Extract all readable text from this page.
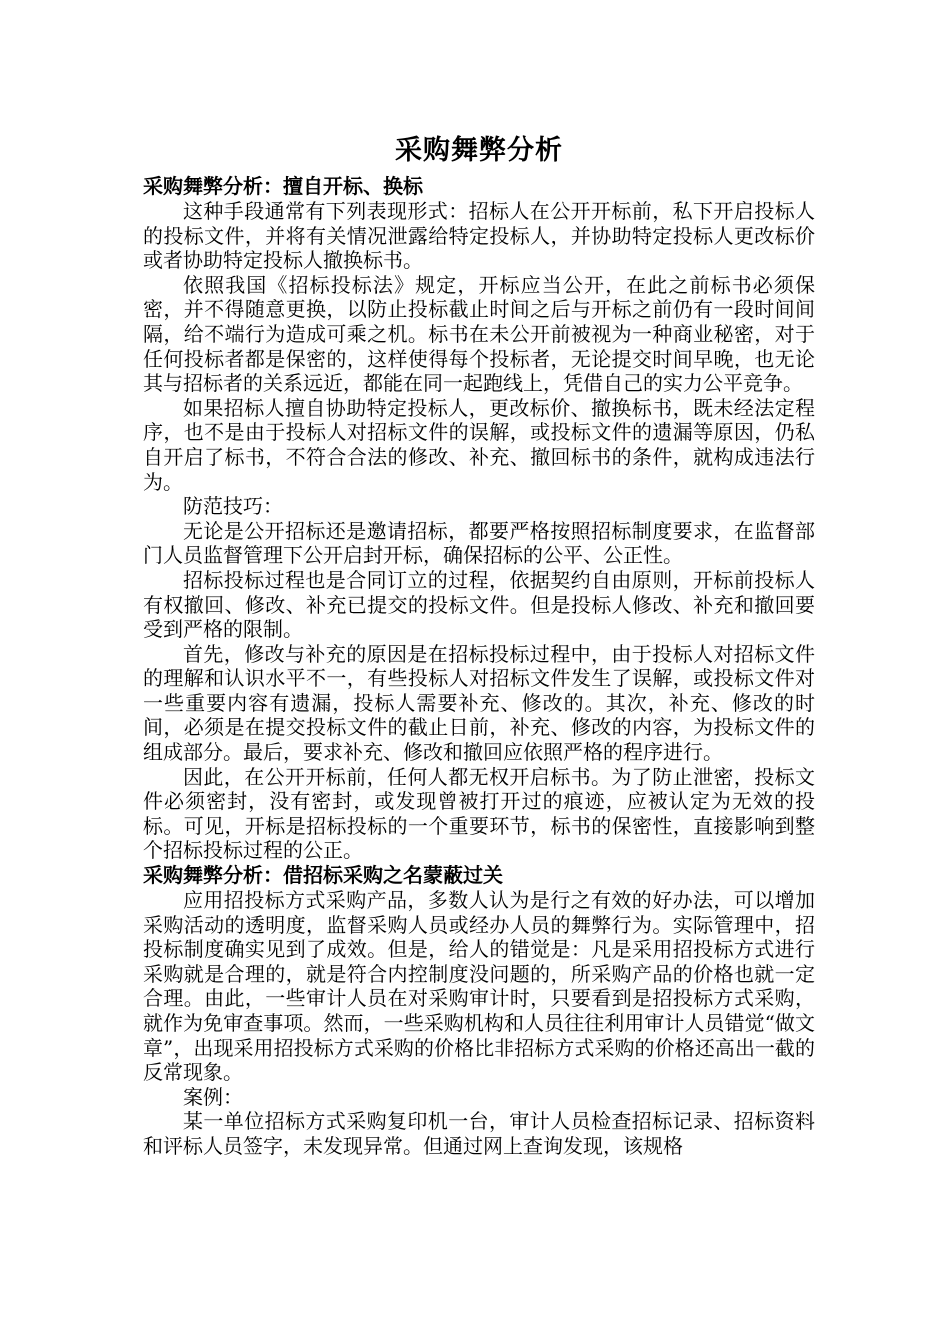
采购舞弊分析
采购舞弊分析：擅自开标、换标

这种手段通常有下列表现形式：招标人在公开开标前，私下开启投标人的投标文件，并将有关情况泄露给特定投标人，并协助特定投标人更改标价或者协助特定投标人撤换标书。

依照我国《招标投标法》规定，开标应当公开，在此之前标书必须保密，并不得随意更换，以防止投标截止时间之后与开标之前仍有一段时间间隔，给不端行为造成可乘之机。标书在未公开前被视为一种商业秘密，对于任何投标者都是保密的，这样使得每个投标者，无论提交时间早晚，也无论其与招标者的关系远近，都能在同一起跑线上，凭借自己的实力公平竞争。

如果招标人擅自协助特定投标人，更改标价、撤换标书，既未经法定程序，也不是由于投标人对招标文件的误解，或投标文件的遗漏等原因，仍私自开启了标书，不符合合法的修改、补充、撤回标书的条件，就构成违法行为。

防范技巧：

无论是公开招标还是邀请招标，都要严格按照招标制度要求，在监督部门人员监督管理下公开启封开标，确保招标的公平、公正性。

招标投标过程也是合同订立的过程，依据契约自由原则，开标前投标人有权撤回、修改、补充已提交的投标文件。但是投标人修改、补充和撤回要受到严格的限制。

首先，修改与补充的原因是在招标投标过程中，由于投标人对招标文件的理解和认识水平不一，有些投标人对招标文件发生了误解，或投标文件对一些重要内容有遗漏，投标人需要补充、修改的。其次，补充、修改的时间，必须是在提交投标文件的截止日前，补充、修改的内容，为投标文件的组成部分。最后，要求补充、修改和撤回应依照严格的程序进行。

因此，在公开开标前，任何人都无权开启标书。为了防止泄密，投标文件必须密封，没有密封，或发现曾被打开过的痕迹，应被认定为无效的投标。可见，开标是招标投标的一个重要环节，标书的保密性，直接影响到整个招标投标过程的公正。

采购舞弊分析：借招标采购之名蒙蔽过关

应用招投标方式采购产品，多数人认为是行之有效的好办法，可以增加采购活动的透明度，监督采购人员或经办人员的舞弊行为。实际管理中，招投标制度确实见到了成效。但是，给人的错觉是：凡是采用招投标方式进行采购就是合理的，就是符合内控制度没问题的，所采购产品的价格也就一定合理。由此，一些审计人员在对采购审计时，只要看到是招投标方式采购，就作为免审查事项。然而，一些采购机构和人员往往利用审计人员错觉“做文章”，出现采用招投标方式采购的价格比非招标方式采购的价格还高出一截的反常现象。

案例：

某一单位招标方式采购复印机一台，审计人员检查招标记录、招标资料和评标人员签字，未发现异常。但通过网上查询发现，该规格
